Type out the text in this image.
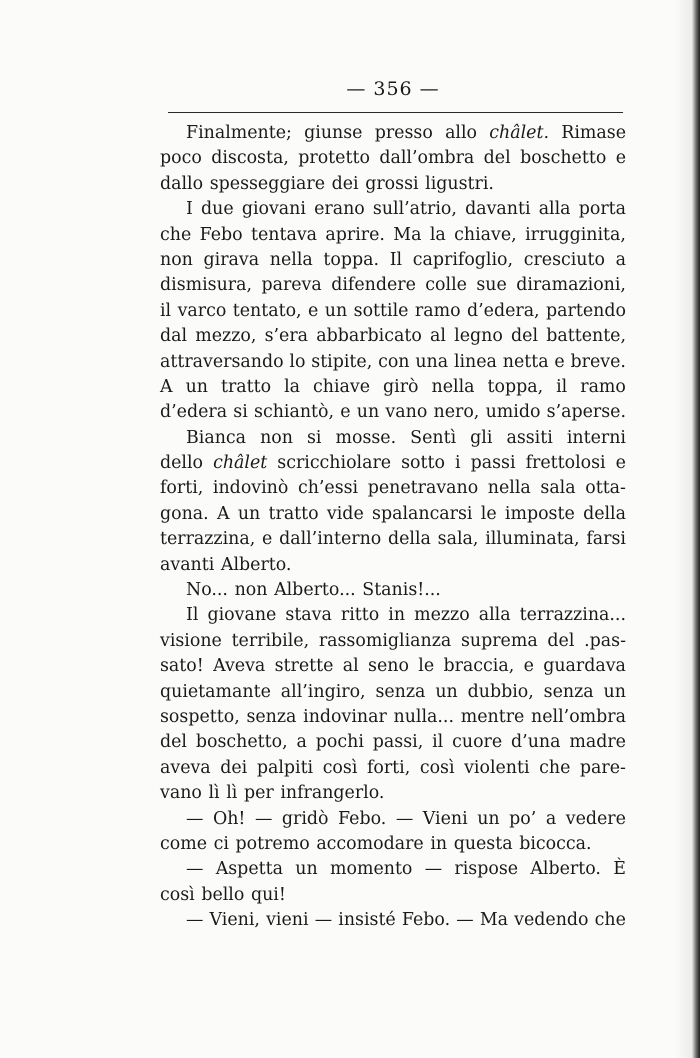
— 356 —
Finalmente; giunse presso allo châlet. Rimase
poco discosta, protetto dall’ombra del boschetto e
dallo spesseggiare dei grossi ligustri.
I due giovani erano sull’atrio, davanti alla porta
che Febo tentava aprire. Ma la chiave, irrugginita,
non girava nella toppa. Il caprifoglio, cresciuto a
dismisura, pareva difendere colle sue diramazioni,
il varco tentato, e un sottile ramo d’edera, partendo
dal mezzo, s’era abbarbicato al legno del battente,
attraversando lo stipite, con una linea netta e breve.
A un tratto la chiave girò nella toppa, il ramo
d’edera si schiantò, e un vano nero, umido s’aperse.
Bianca non si mosse. Sentì gli assiti interni
dello châlet scricchiolare sotto i passi frettolosi e
forti, indovinò ch’essi penetravano nella sala otta-
gona. A un tratto vide spalancarsi le imposte della
terrazzina, e dall’interno della sala, illuminata, farsi
avanti Alberto.
No... non Alberto... Stanis!...
Il giovane stava ritto in mezzo alla terrazzina...
visione terribile, rassomiglianza suprema del .pas-
sato! Aveva strette al seno le braccia, e guardava
quietamante all’ingiro, senza un dubbio, senza un
sospetto, senza indovinar nulla... mentre nell’ombra
del boschetto, a pochi passi, il cuore d’una madre
aveva dei palpiti così forti, così violenti che pare-
vano lì lì per infrangerlo.
— Oh! — gridò Febo. — Vieni un po’ a vedere
come ci potremo accomodare in questa bicocca.
— Aspetta un momento — rispose Alberto. È
così bello qui!
— Vieni, vieni — insisté Febo. — Ma vedendo che
